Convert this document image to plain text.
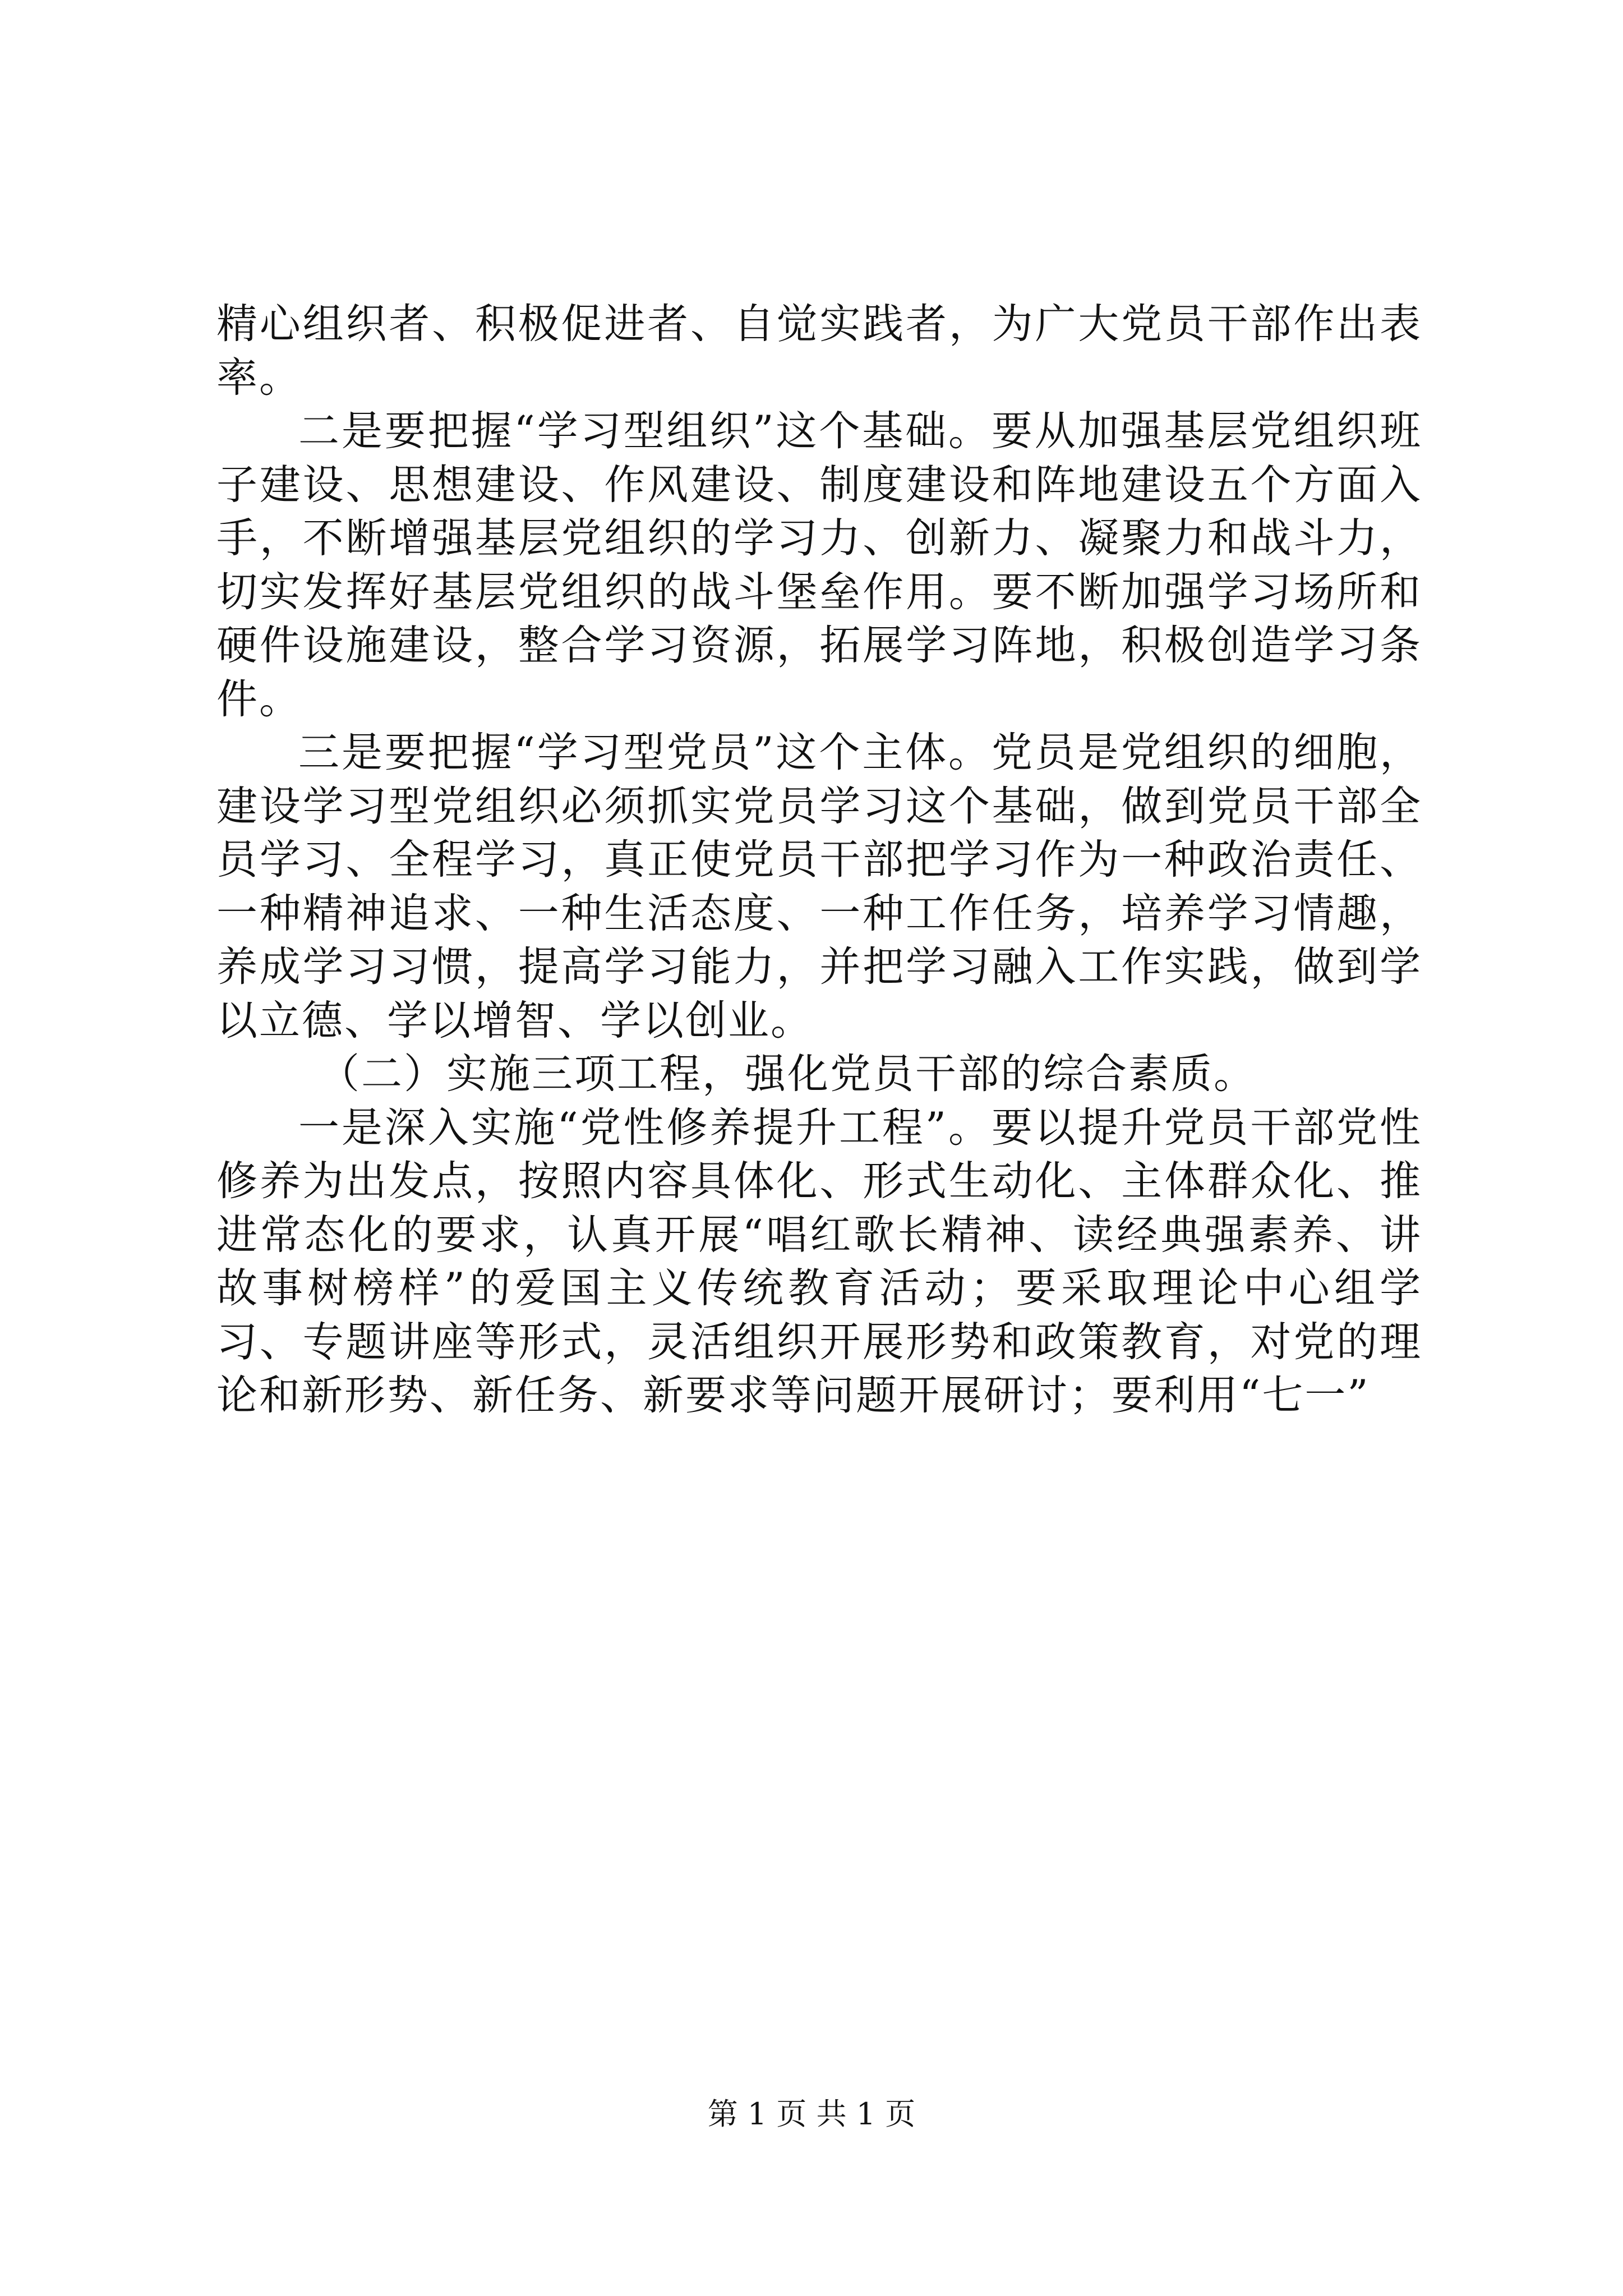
精心组织者、积极促进者、自觉实践者，为广大党员干部作出表率。

二是要把握“学习型组织”这个基础。要从加强基层党组织班子建设、思想建设、作风建设、制度建设和阵地建设五个方面入手，不断增强基层党组织的学习力、创新力、凝聚力和战斗力，切实发挥好基层党组织的战斗堡垒作用。要不断加强学习场所和硬件设施建设，整合学习资源，拓展学习阵地，积极创造学习条件。

三是要把握“学习型党员”这个主体。党员是党组织的细胞，建设学习型党组织必须抓实党员学习这个基础，做到党员干部全员学习、全程学习，真正使党员干部把学习作为一种政治责任、一种精神追求、一种生活态度、一种工作任务，培养学习情趣，养成学习习惯，提高学习能力，并把学习融入工作实践，做到学以立德、学以增智、学以创业。

（二）实施三项工程，强化党员干部的综合素质。

一是深入实施“党性修养提升工程”。要以提升党员干部党性修养为出发点，按照内容具体化、形式生动化、主体群众化、推进常态化的要求，认真开展“唱红歌长精神、读经典强素养、讲故事树榜样”的爱国主义传统教育活动；要采取理论中心组学习、专题讲座等形式，灵活组织开展形势和政策教育，对党的理论和新形势、新任务、新要求等问题开展研讨；要利用“七一”

第 1 页 共 1 页
